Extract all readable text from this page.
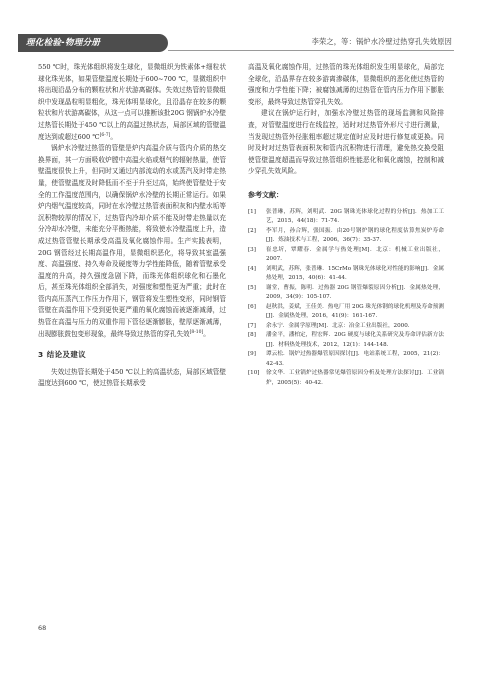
理化检验-物理分册	李荣之，等：锅炉水冷壁过热穿孔失效原因

550 ℃时，珠光体组织将发生球化，显微组织为铁素体+细粒状球化珠光体，如果管壁温度长期处于600~700 ℃，显微组织中将出现沿晶分布的颗粒状和片状游离碳体。失效过热管的显微组织中发现晶粒明显粗化，珠光体明显球化，且沿晶存在较多的颗粒状和片状游离碳体，从这一点可以推断该批20G 钢锅炉水冷壁过热管长期处于450 ℃以上的高温过热状态，局部区域的管壁温度达到或超过600 ℃[6-7]。

锅炉水冷壁过热管的管壁是炉内高温介质与管内介质的热交换界面，其一方面吸收炉膛中高温火焰或烟气的辐射热量，使管壁温度很快上升，但同时又通过内部流动的水或蒸汽及时带走热量，使管壁温度及时降低而不至于升至过高，始终使管壁处于安全的工作温度范围内，以确保锅炉水冷壁的长期正常运行。如果炉内烟气温度较高，同时在水冷壁过热管表面积灰和内壁水垢等沉积物较厚的情况下，过热管内冷却介质不能及时带走热量以充分冷却水冷壁，未能充分平衡热能，将致使水冷壁温度上升，造成过热管管壁长期承受高温及氧化腐蚀作用。生产实践表明，20G 钢管经过长期高温作用，显微组织恶化，将导致其室温强度、高温强度、持久寿命及硬度等力学性能降低，随着管壁承受温度的升高，持久强度急剧下降，而珠光体组织球化和石墨化后，甚至珠光体组织全部消失，对强度和塑性更为严重；此时在管内高压蒸汽工作压力作用下，钢管将发生塑性变形，同时钢管管壁在高温作用下受到更快更严重的氧化腐蚀而被逐渐减薄，过热管在高温与压力的双重作用下管径逐渐膨胀，壁厚逐渐减薄，出现膨胀鼓包变形现象，最终导致过热管的穿孔失效[8-10]。

3 结论及建议

失效过热管长期处于450 ℃以上的高温状态，局部区域管壁温度达到600 ℃，使过热管长期承受

高温及氧化腐蚀作用，过热管的珠光体组织发生明显球化，局部完全球化，沿晶界存在较多游离渗碳体，显微组织的恶化使过热管的强度和力学性能下降；被腐蚀减薄的过热管在管内压力作用下膨胀变形，最终导致过热管穿孔失效。

建议在锅炉运行时，加强水冷壁过热管的现场监测和风险排查，对管壁温度进行在线监控，适时对过热管外形尺寸进行测量，当发现过热管外径胀粗率超过规定值时应及时进行修复或更换。同时及时对过热管表面积灰和管内沉积物进行清理，避免热交换受阻使管壁温度超温而导致过热管组织性能恶化和氧化腐蚀，控制和减少穿孔失效风险。

参考文献：
[1]	张普琳，苏辉，刘明武．20G 钢珠光体球化过程的分析[J]．热加工工艺，2015，44(18)：71-74．
[2]	李军月，孙合辉，張国振．由20号钢炉钢的球化程度估算焦炭炉寿命[J]．炼油技术与工程，2006，36(7)：35-37．
[3]	崔忠圻，覃耀春．金属学与热处理[M]．北京：机械工业出版社，2007．
[4]	刘明武，苏辉，张普琳．15CrMo 钢珠光体球化对性能的影响[J]．金属热处理，2015，40(6)：41-44．
[5]	谢堂，曹振，陈明．过热器 20G 钢管爆裂原因分析[J]．金属热处理，2009，34(9)：105-107．
[6]	赵秋洪，姜斌，王佳美．热电厂用 20G 珠光体钢的球化机理及寿命预测[J]．金属热处理，2016，41(9)：161-167．
[7]	余永宁．金属学原理[M]．北京：冶金工业出版社，2000．
[8]	潘金平，潘柏定，程宏辉．20G 硬度与球化关系研究及寿命评估新方法[J]．材料热处理技术，2012，12(1)：144-148．
[9]	谭云松．锅炉过热器爆管原因探讨[J]．电站系统工程，2005，21(2)：42-43．
[10]	徐文华．工业锅炉过热器常见爆管原因分析及处理方法探讨[J]．工业锅炉，2005(5)：40-42．
68
